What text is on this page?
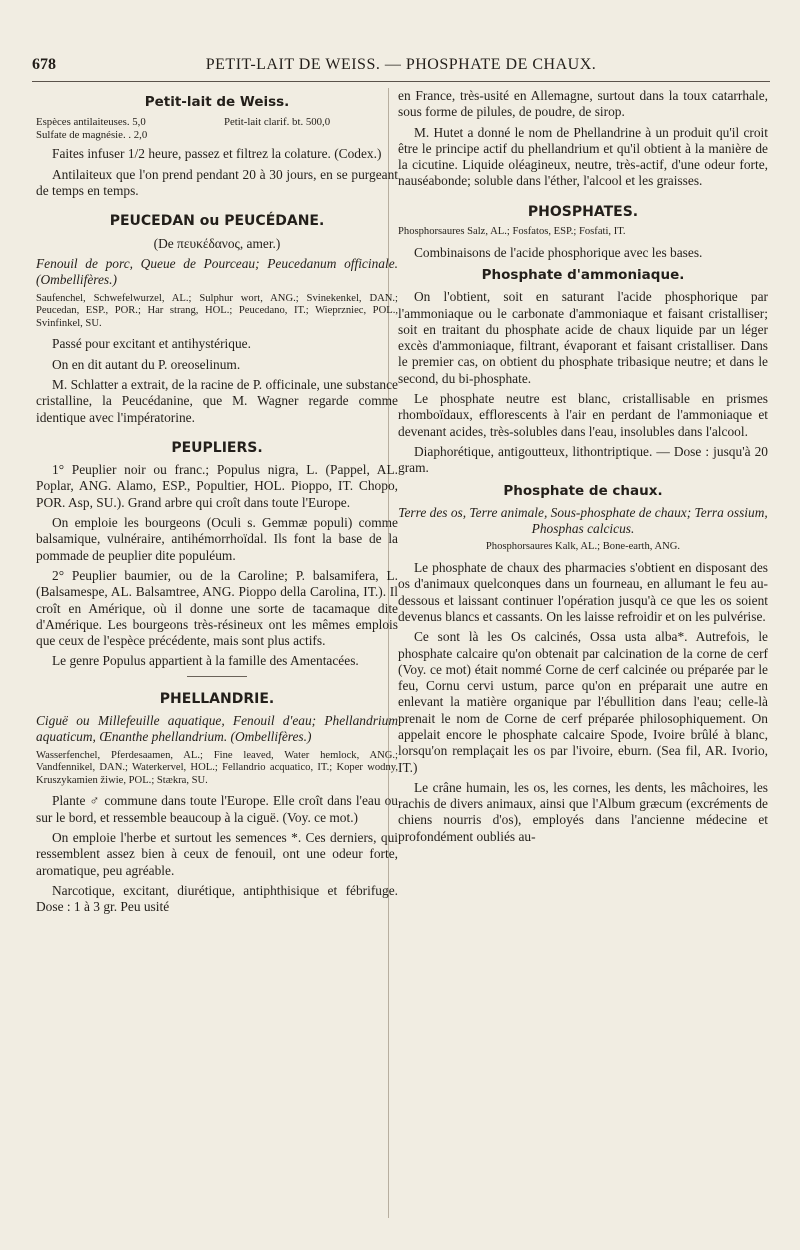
678	PETIT-LAIT DE WEISS. — PHOSPHATE DE CHAUX.
Petit-lait de Weiss.
Espèces antilaiteuses. 5,0	Petit-lait clarif. bt. 500,0
Sulfate de magnésie. . 2,0

Faites infuser 1/2 heure, passez et filtrez la colature. (Codex.)

Antilaiteux que l'on prend pendant 20 à 30 jours, en se purgeant de temps en temps.

PEUCEDAN ou PEUCÉDANE.

(De πευκέδανος, amer.)

Fenouil de porc, Queue de Pourceau; Peucedanum officinale. (Ombellifères.)

Saufenchel, Schwefelwurzel, AL.; Sulphur wort, ANG.; Svinekenkel, DAN.; Peucedan, ESP., POR.; Har strang, HOL.; Peucedano, IT.; Wieprzniec, POL., Svinfinkel, SU.

Passé pour excitant et antihystérique.

On en dit autant du P. oreoselinum.

M. Schlatter a extrait, de la racine de P. officinale, une substance cristalline, la Peucédanine, que M. Wagner regarde comme identique avec l'impératorine.

PEUPLIERS.

1° Peuplier noir ou franc.; Populus nigra, L. (Pappel, AL. Poplar, ANG. Alamo, ESP., Popultier, HOL. Pioppo, IT. Chopo, POR. Asp, SU.). Grand arbre qui croît dans toute l'Europe.

On emploie les bourgeons (Oculi s. Gemmæ populi) comme balsamique, vulnéraire, antihémorrhoïdal. Ils font la base de la pommade de peuplier dite populéum.

2° Peuplier baumier, ou de la Caroline; P. balsamifera, L. (Balsamespe, AL. Balsamtree, ANG. Pioppo della Carolina, IT.). Il croît en Amérique, où il donne une sorte de tacamaque dite d'Amérique. Les bourgeons très-résineux ont les mêmes emplois que ceux de l'espèce précédente, mais sont plus actifs.

Le genre Populus appartient à la famille des Amentacées.

PHELLANDRIE.

Ciguë ou Millefeuille aquatique, Fenouil d'eau; Phellandrium aquaticum, Œnanthe phellandrium. (Ombellifères.)

Wasserfenchel, Pferdesaamen, AL.; Fine leaved, Water hemlock, ANG.; Vandfennikel, DAN.; Waterkervel, HOL.; Fellandrio acquatico, IT.; Koper wodny, Kruszykamien žiwie, POL.; Stækra, SU.

Plante ♂ commune dans toute l'Europe. Elle croît dans l'eau ou sur le bord, et ressemble beaucoup à la ciguë. (Voy. ce mot.)

On emploie l'herbe et surtout les semences *. Ces derniers, qui ressemblent assez bien à ceux de fenouil, ont une odeur forte, aromatique, peu agréable.

Narcotique, excitant, diurétique, antiphthisique et fébrifuge. Dose : 1 à 3 gr. Peu usité

en France, très-usité en Allemagne, surtout dans la toux catarrhale, sous forme de pilules, de poudre, de sirop.

M. Hutet a donné le nom de Phellandrine à un produit qu'il croit être le principe actif du phellandrium et qu'il obtient à la manière de la cicutine. Liquide oléagineux, neutre, très-actif, d'une odeur forte, nauséabonde; soluble dans l'éther, l'alcool et les graisses.

PHOSPHATES.
Phosphorsaures Salz, AL.; Fosfatos, ESP.; Fosfati, IT.

Combinaisons de l'acide phosphorique avec les bases.

Phosphate d'ammoniaque.

On l'obtient, soit en saturant l'acide phosphorique par l'ammoniaque ou le carbonate d'ammoniaque et faisant cristalliser; soit en traitant du phosphate acide de chaux liquide par un léger excès d'ammoniaque, filtrant, évaporant et faisant cristalliser. Dans le premier cas, on obtient du phosphate tribasique neutre; et dans le second, du bi-phosphate.

Le phosphate neutre est blanc, cristallisable en prismes rhomboïdaux, efflorescents à l'air en perdant de l'ammoniaque et devenant acides, très-solubles dans l'eau, insolubles dans l'alcool.

Diaphorétique, antigoutteux, lithontriptique. — Dose : jusqu'à 20 gram.

Phosphate de chaux.

Terre des os, Terre animale, Sous-phosphate de chaux; Terra ossium, Phosphas calcicus.

Phosphorsaures Kalk, AL.; Bone-earth, ANG.

Le phosphate de chaux des pharmacies s'obtient en disposant des os d'animaux quelconques dans un fourneau, en allumant le feu au-dessous et laissant continuer l'opération jusqu'à ce que les os soient devenus blancs et cassants. On les laisse refroidir et on les pulvérise.

Ce sont là les Os calcinés, Ossa usta alba*. Autrefois, le phosphate calcaire qu'on obtenait par calcination de la corne de cerf (Voy. ce mot) était nommé Corne de cerf calcinée ou préparée par le feu, Cornu cervi ustum, parce qu'on en préparait une autre en enlevant la matière organique par l'ébullition dans l'eau; celle-là prenait le nom de Corne de cerf préparée philosophiquement. On appelait encore le phosphate calcaire Spode, Ivoire brûlé à blanc, lorsqu'on remplaçait les os par l'ivoire, eburn. (Sea fil, AR. Ivorio, IT.)

Le crâne humain, les os, les cornes, les dents, les mâchoires, les rachis de divers animaux, ainsi que l'Album græcum (excréments de chiens nourris d'os), employés dans l'ancienne médecine et profondément oubliés au-
